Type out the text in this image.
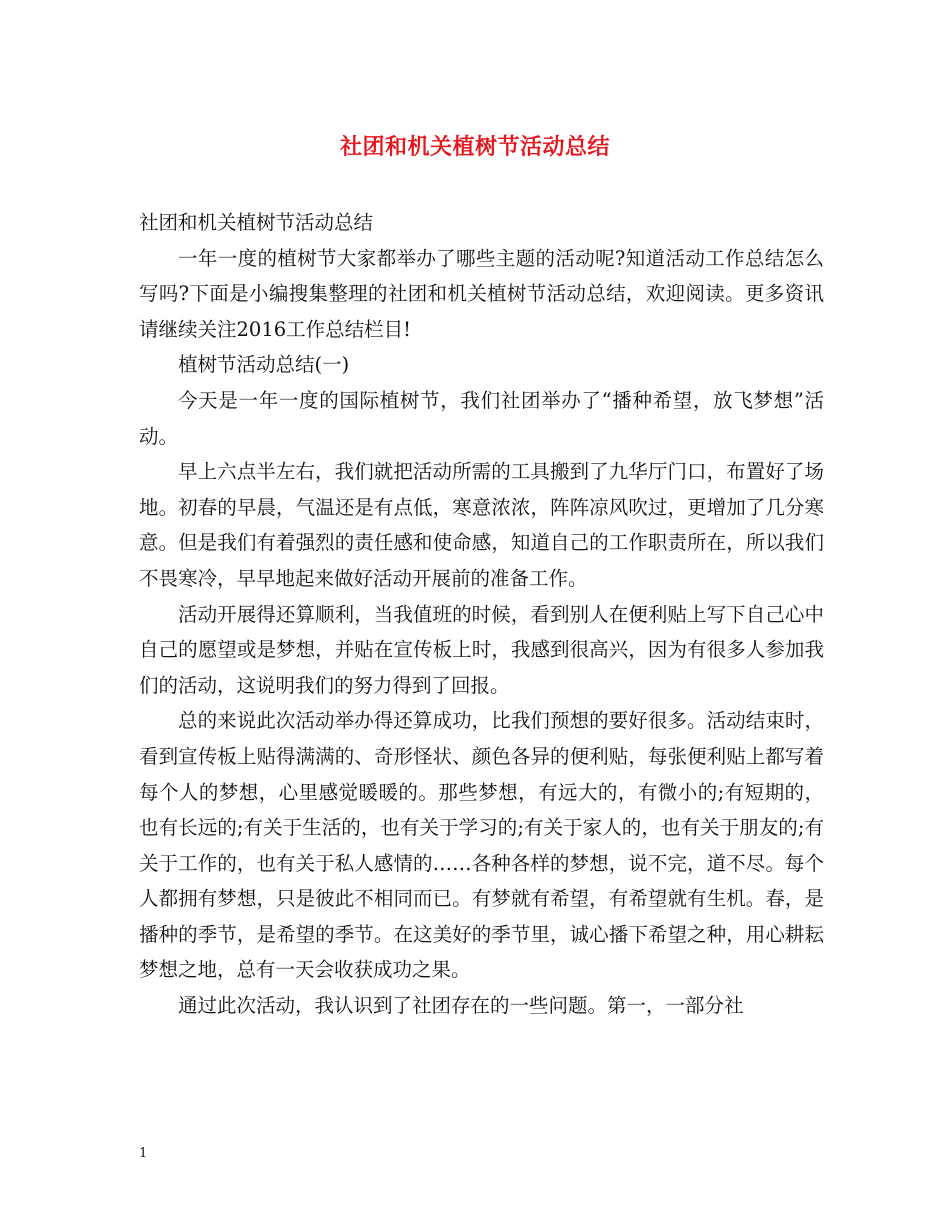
社团和机关植树节活动总结

社团和机关植树节活动总结

一年一度的植树节大家都举办了哪些主题的活动呢?知道活动工作总结怎么写吗?下面是小编搜集整理的社团和机关植树节活动总结，欢迎阅读。更多资讯请继续关注2016工作总结栏目!

植树节活动总结(一)

今天是一年一度的国际植树节，我们社团举办了“播种希望，放飞梦想”活动。

早上六点半左右，我们就把活动所需的工具搬到了九华厅门口，布置好了场地。初春的早晨，气温还是有点低，寒意浓浓，阵阵凉风吹过，更增加了几分寒意。但是我们有着强烈的责任感和使命感，知道自己的工作职责所在，所以我们不畏寒冷，早早地起来做好活动开展前的准备工作。

活动开展得还算顺利，当我值班的时候，看到别人在便利贴上写下自己心中自己的愿望或是梦想，并贴在宣传板上时，我感到很高兴，因为有很多人参加我们的活动，这说明我们的努力得到了回报。

总的来说此次活动举办得还算成功，比我们预想的要好很多。活动结束时，看到宣传板上贴得满满的、奇形怪状、颜色各异的便利贴，每张便利贴上都写着每个人的梦想，心里感觉暖暖的。那些梦想，有远大的，有微小的;有短期的，也有长远的;有关于生活的，也有关于学习的;有关于家人的，也有关于朋友的;有关于工作的，也有关于私人感情的……各种各样的梦想，说不完，道不尽。每个人都拥有梦想，只是彼此不相同而已。有梦就有希望，有希望就有生机。春，是播种的季节，是希望的季节。在这美好的季节里，诚心播下希望之种，用心耕耘梦想之地，总有一天会收获成功之果。

通过此次活动，我认识到了社团存在的一些问题。第一，一部分社

1
